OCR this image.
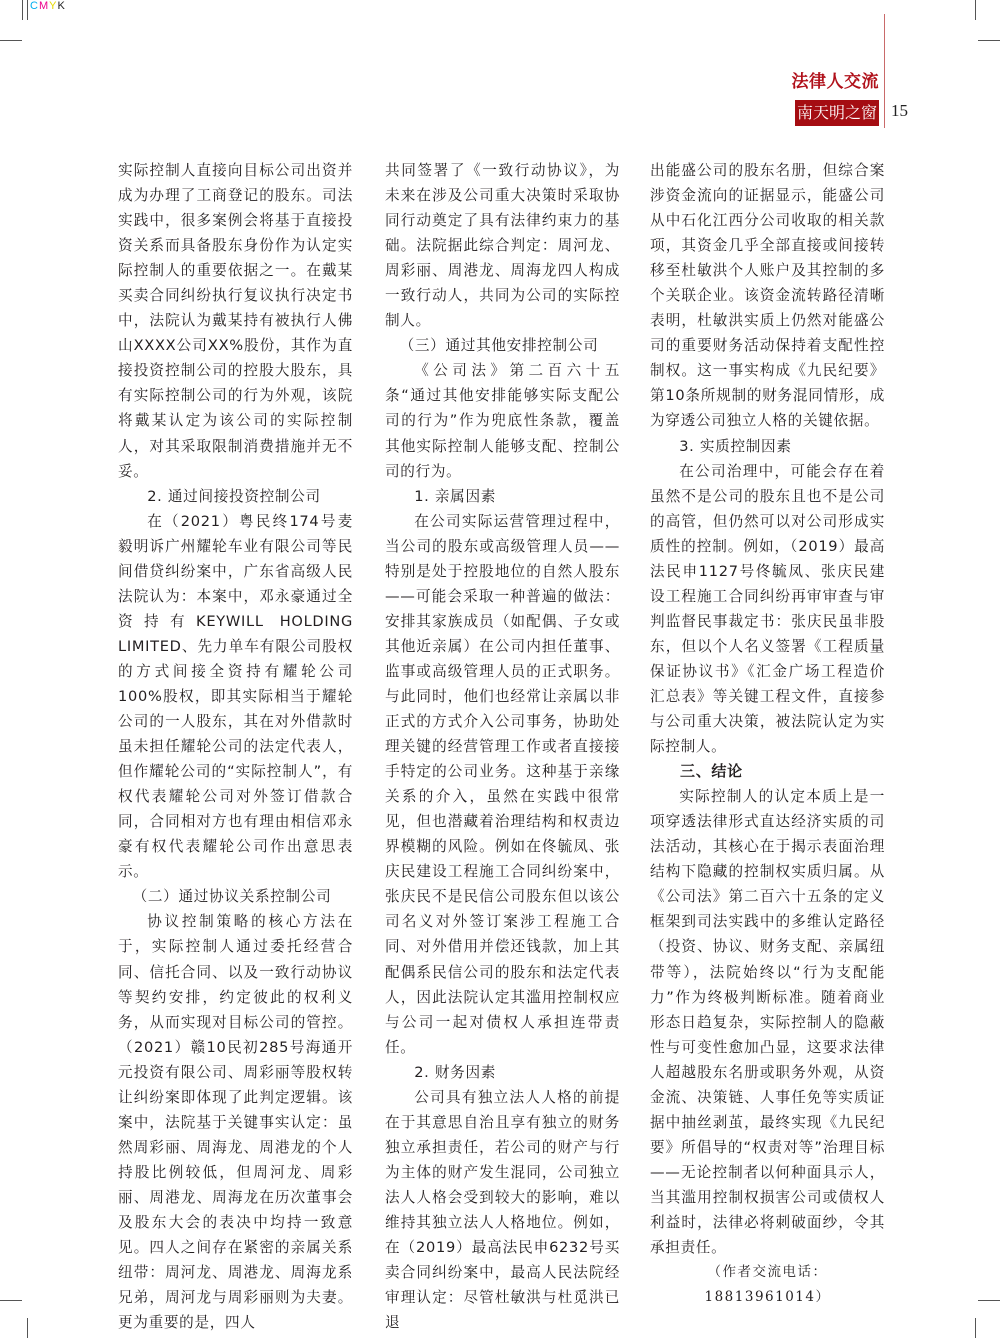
CMYK
法律人交流
南天明之窗 15

实际控制人直接向目标公司出资并成为办理了工商登记的股东。司法实践中，很多案例会将基于直接投资关系而具备股东身份作为认定实际控制人的重要依据之一。在戴某买卖合同纠纷执行复议执行决定书中，法院认为戴某持有被执行人佛山XXXX公司XX%股份，其作为直接投资控制公司的控股大股东，具有实际控制公司的行为外观，该院将戴某认定为该公司的实际控制人，对其采取限制消费措施并无不妥。

2. 通过间接投资控制公司

在（2021）粤民终174号麦毅明诉广州耀轮车业有限公司等民间借贷纠纷案中，广东省高级人民法院认为：本案中，邓永豪通过全资持有KEYWILL HOLDING LIMITED、先力单车有限公司股权的方式间接全资持有耀轮公司100%股权，即其实际相当于耀轮公司的一人股东，其在对外借款时虽未担任耀轮公司的法定代表人，但作耀轮公司的“实际控制人”，有权代表耀轮公司对外签订借款合同，合同相对方也有理由相信邓永豪有权代表耀轮公司作出意思表示。

（二）通过协议关系控制公司

协议控制策略的核心方法在于，实际控制人通过委托经营合同、信托合同、以及一致行动协议等契约安排，约定彼此的权利义务，从而实现对目标公司的管控。（2021）赣10民初285号海通开元投资有限公司、周彩丽等股权转让纠纷案即体现了此判定逻辑。该案中，法院基于关键事实认定：虽然周彩丽、周海龙、周港龙的个人持股比例较低，但周河龙、周彩丽、周港龙、周海龙在历次董事会及股东大会的表决中均持一致意见。四人之间存在紧密的亲属关系纽带：周河龙、周港龙、周海龙系兄弟，周河龙与周彩丽则为夫妻。更为重要的是，四人

共同签署了《一致行动协议》，为未来在涉及公司重大决策时采取协同行动奠定了具有法律约束力的基础。法院据此综合判定：周河龙、周彩丽、周港龙、周海龙四人构成一致行动人，共同为公司的实际控制人。

（三）通过其他安排控制公司

《公司法》第二百六十五条“通过其他安排能够实际支配公司的行为”作为兜底性条款，覆盖其他实际控制人能够支配、控制公司的行为。

1. 亲属因素

在公司实际运营管理过程中，当公司的股东或高级管理人员——特别是处于控股地位的自然人股东——可能会采取一种普遍的做法：安排其家族成员（如配偶、子女或其他近亲属）在公司内担任董事、监事或高级管理人员的正式职务。与此同时，他们也经常让亲属以非正式的方式介入公司事务，协助处理关键的经营管理工作或者直接接手特定的公司业务。这种基于亲缘关系的介入，虽然在实践中很常见，但也潜藏着治理结构和权责边界模糊的风险。例如在佟毓凤、张庆民建设工程施工合同纠纷案中，张庆民不是民信公司股东但以该公司名义对外签订案涉工程施工合同、对外借用并偿还钱款，加上其配偶系民信公司的股东和法定代表人，因此法院认定其滥用控制权应与公司一起对债权人承担连带责任。

2. 财务因素

公司具有独立法人人格的前提在于其意思自治且享有独立的财务独立承担责任，若公司的财产与行为主体的财产发生混同，公司独立法人人格会受到较大的影响，难以维持其独立法人人格地位。例如，在（2019）最高法民申6232号买卖合同纠纷案中，最高人民法院经审理认定：尽管杜敏洪与杜觅洪已退

出能盛公司的股东名册，但综合案涉资金流向的证据显示，能盛公司从中石化江西分公司收取的相关款项，其资金几乎全部直接或间接转移至杜敏洪个人账户及其控制的多个关联企业。该资金流转路径清晰表明，杜敏洪实质上仍然对能盛公司的重要财务活动保持着支配性控制权。这一事实构成《九民纪要》第10条所规制的财务混同情形，成为穿透公司独立人格的关键依据。

3. 实质控制因素

在公司治理中，可能会存在着虽然不是公司的股东且也不是公司的高管，但仍然可以对公司形成实质性的控制。例如，（2019）最高法民申1127号佟毓凤、张庆民建设工程施工合同纠纷再审审查与审判监督民事裁定书：张庆民虽非股东，但以个人名义签署《工程质量保证协议书》《汇金广场工程造价汇总表》等关键工程文件，直接参与公司重大决策，被法院认定为实际控制人。

三、结论

实际控制人的认定本质上是一项穿透法律形式直达经济实质的司法活动，其核心在于揭示表面治理结构下隐藏的控制权实质归属。从《公司法》第二百六十五条的定义框架到司法实践中的多维认定路径（投资、协议、财务支配、亲属纽带等），法院始终以“行为支配能力”作为终极判断标准。随着商业形态日趋复杂，实际控制人的隐蔽性与可变性愈加凸显，这要求法律人超越股东名册或职务外观，从资金流、决策链、人事任免等实质证据中抽丝剥茧，最终实现《九民纪要》所倡导的“权责对等”治理目标——无论控制者以何种面具示人，当其滥用控制权损害公司或债权人利益时，法律必将刺破面纱，令其承担责任。

（作者交流电话：18813961014）
